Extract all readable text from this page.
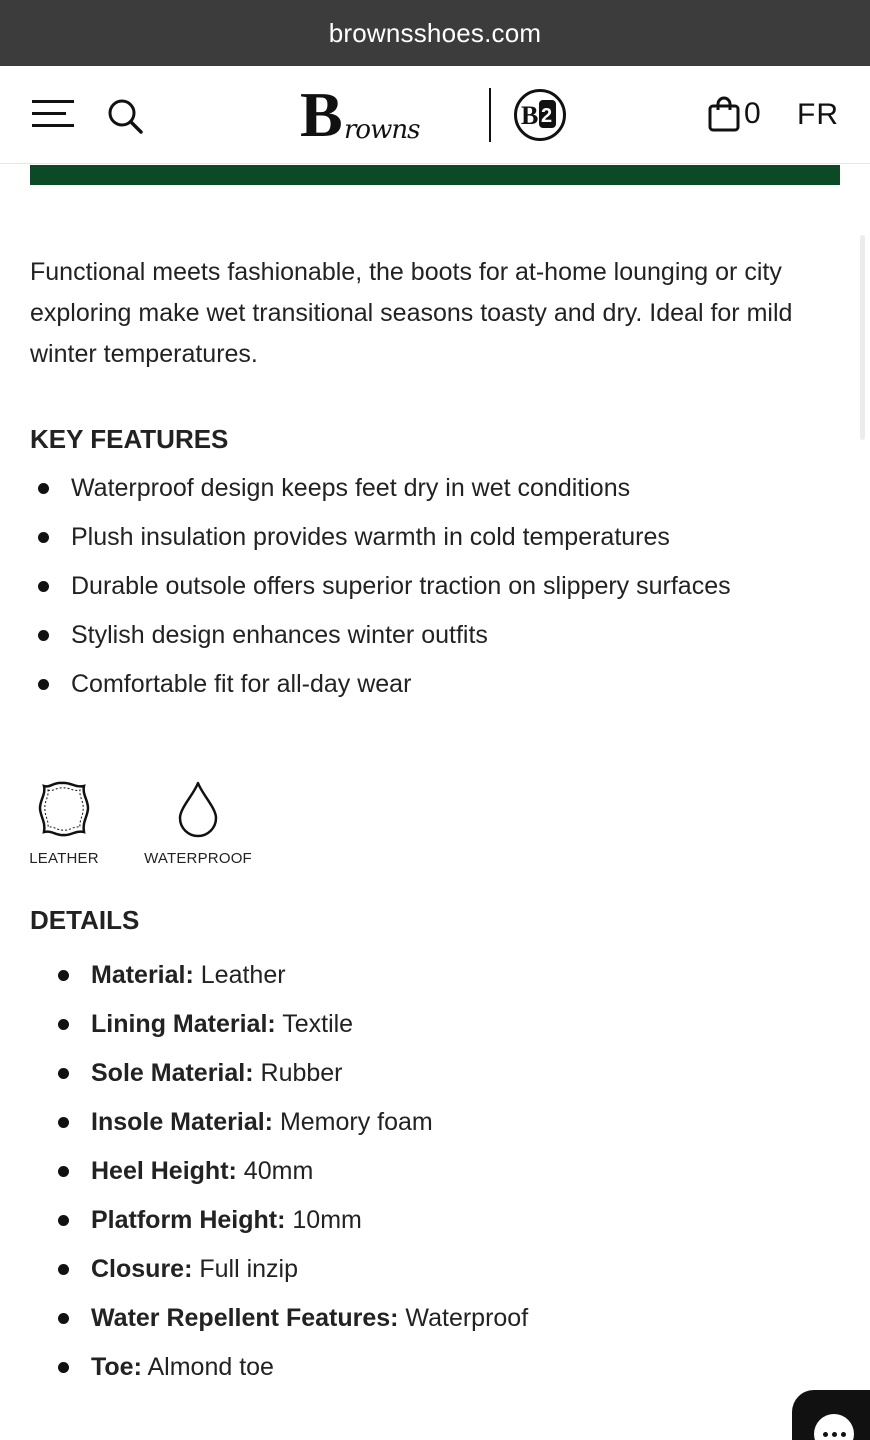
brownsshoes.com
B rowns	B 2	0 FR

Functional meets fashionable, the boots for at-home lounging or city exploring make wet transitional seasons toasty and dry. Ideal for mild winter temperatures.

KEY FEATURES
Waterproof design keeps feet dry in wet conditions
Plush insulation provides warmth in cold temperatures
Durable outsole offers superior traction on slippery surfaces
Stylish design enhances winter outfits
Comfortable fit for all-day wear
LEATHER	WATERPROOF
DETAILS
Material: Leather
Lining Material: Textile
Sole Material: Rubber
Insole Material: Memory foam
Heel Height: 40mm
Platform Height: 10mm
Closure: Full inzip
Water Repellent Features: Waterproof
Toe: Almond toe
